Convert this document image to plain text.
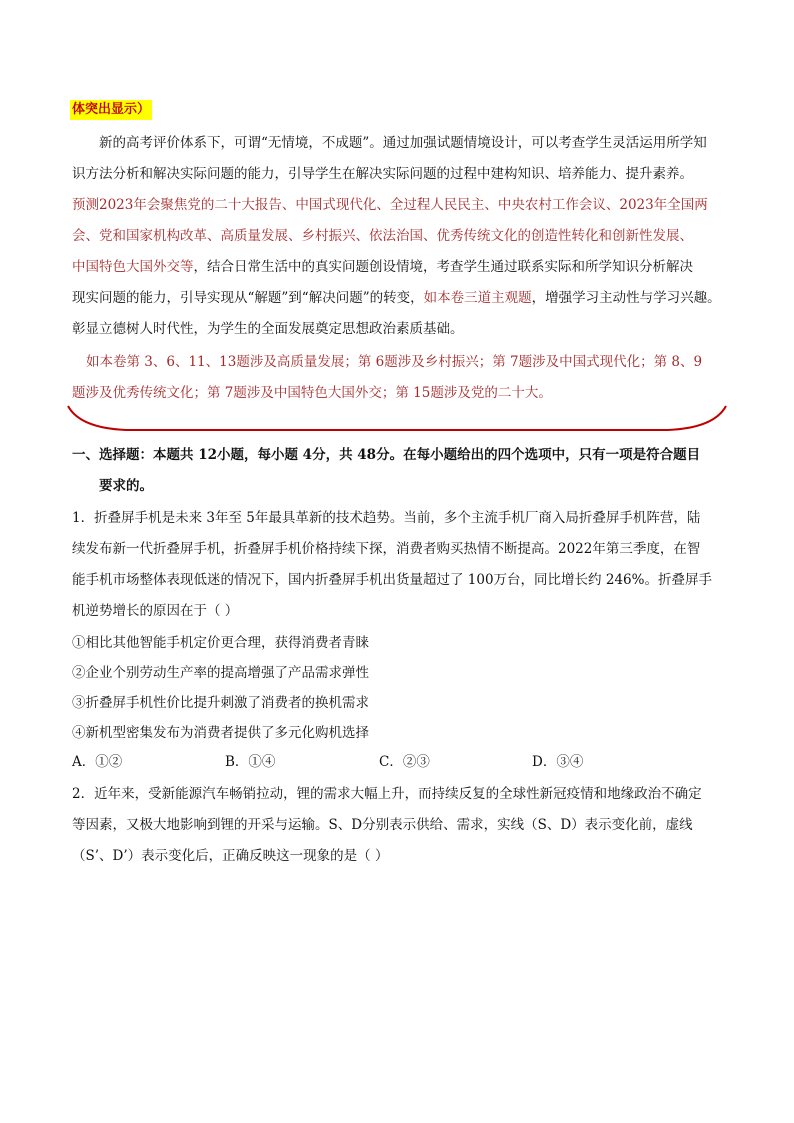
体突出显示）
新的高考评价体系下，可谓“无情境，不成题”。通过加强试题情境设计，可以考查学生灵活运用所学知
识方法分析和解决实际问题的能力，引导学生在解决实际问题的过程中建构知识、培养能力、提升素养。
预测2023年会聚焦党的二十大报告、中国式现代化、全过程人民民主、中央农村工作会议、2023年全国两
会、党和国家机构改革、高质量发展、乡村振兴、依法治国、优秀传统文化的创造性转化和创新性发展、
中国特色大国外交等，结合日常生活中的真实问题创设情境，考查学生通过联系实际和所学知识分析解决
现实问题的能力，引导实现从“解题”到“解决问题”的转变，如本卷三道主观题，增强学习主动性与学习兴趣。
彰显立德树人时代性，为学生的全面发展奠定思想政治素质基础。
如本卷第 3、6、11、13题涉及高质量发展；第 6题涉及乡村振兴；第 7题涉及中国式现代化；第 8、9
题涉及优秀传统文化；第 7题涉及中国特色大国外交；第 15题涉及党的二十大。
一、选择题：本题共 12小题，每小题 4分，共 48分。在每小题给出的四个选项中，只有一项是符合题目
要求的。
1．折叠屏手机是未来 3年至 5年最具革新的技术趋势。当前，多个主流手机厂商入局折叠屏手机阵营，陆
续发布新一代折叠屏手机，折叠屏手机价格持续下探，消费者购买热情不断提高。2022年第三季度，在智
能手机市场整体表现低迷的情况下，国内折叠屏手机出货量超过了 100万台，同比增长约 246%。折叠屏手
机逆势增长的原因在于（ ）
①相比其他智能手机定价更合理，获得消费者青睐
②企业个别劳动生产率的提高增强了产品需求弹性
③折叠屏手机性价比提升刺激了消费者的换机需求
④新机型密集发布为消费者提供了多元化购机选择
A．①②	B．①④	C．②③	D．③④
2．近年来，受新能源汽车畅销拉动，锂的需求大幅上升，而持续反复的全球性新冠疫情和地缘政治不确定
等因素，又极大地影响到锂的开采与运输。S、D分别表示供给、需求，实线（S、D）表示变化前，虚线
（S’、D’）表示变化后，正确反映这一现象的是（ ）
